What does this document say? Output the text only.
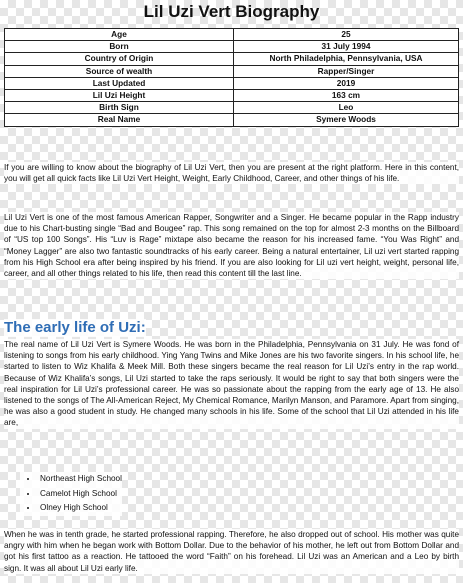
Lil Uzi Vert Biography
Age	25
Born	31 July 1994
Country of Origin	North Philadelphia, Pennsylvania, USA
Source of wealth	Rapper/Singer
Last Updated	2019
Lil Uzi Height	163 cm
Birth Sign	Leo
Real Name	Symere Woods

If you are willing to know about the biography of Lil Uzi Vert, then you are present at the right platform. Here in this content, you will get all quick facts like Lil Uzi Vert Height, Weight, Early Childhood, Career, and other things of his life.

Lil Uzi Vert is one of the most famous American Rapper, Songwriter and a Singer. He became popular in the Rapp industry due to his Chart-busting single “Bad and Bougee” rap. This song remained on the top for almost 2-3 months on the Billboard of “US top 100 Songs”. His “Luv is Rage” mixtape also became the reason for his increased fame. “You Was Right” and “Money Lagger” are also two fantastic soundtracks of his early career. Being a natural entertainer, Lil uzi vert started rapping from his High School era after being inspired by his friend. If you are also looking for Lil uzi vert height, weight, personal life, career, and all other things related to his life, then read this content till the last line.

The early life of Uzi:

The real name of Lil Uzi Vert is Symere Woods. He was born in the Philadelphia, Pennsylvania on 31 July. He was fond of listening to songs from his early childhood. Ying Yang Twins and Mike Jones are his two favorite singers. In his school life, he started to listen to Wiz Khalifa & Meek Mill. Both these singers became the real reason for Lil Uzi’s entry in the rap world. Because of Wiz Khalifa’s songs, Lil Uzi started to take the raps seriously. It would be right to say that both singers were the real inspiration for Lil Uzi’s professional career. He was so passionate about the rapping from the early age of 13. He also listened to the songs of The All-American Reject, My Chemical Romance, Marilyn Manson, and Paramore. Apart from singing, he was also a good student in study. He changed many schools in his life. Some of the school that Lil Uzi attended in his life are,

• Northeast High School
• Camelot High School
• Olney High School

When he was in tenth grade, he started professional rapping. Therefore, he also dropped out of school. His mother was quite angry with him when he began work with Bottom Dollar. Due to the behavior of his mother, he left out from Bottom Dollar and got his first tattoo as a reaction. He tattooed the word “Faith” on his forehead. Lil Uzi was an American and a Leo by birth sign. It was all about Lil Uzi early life.
